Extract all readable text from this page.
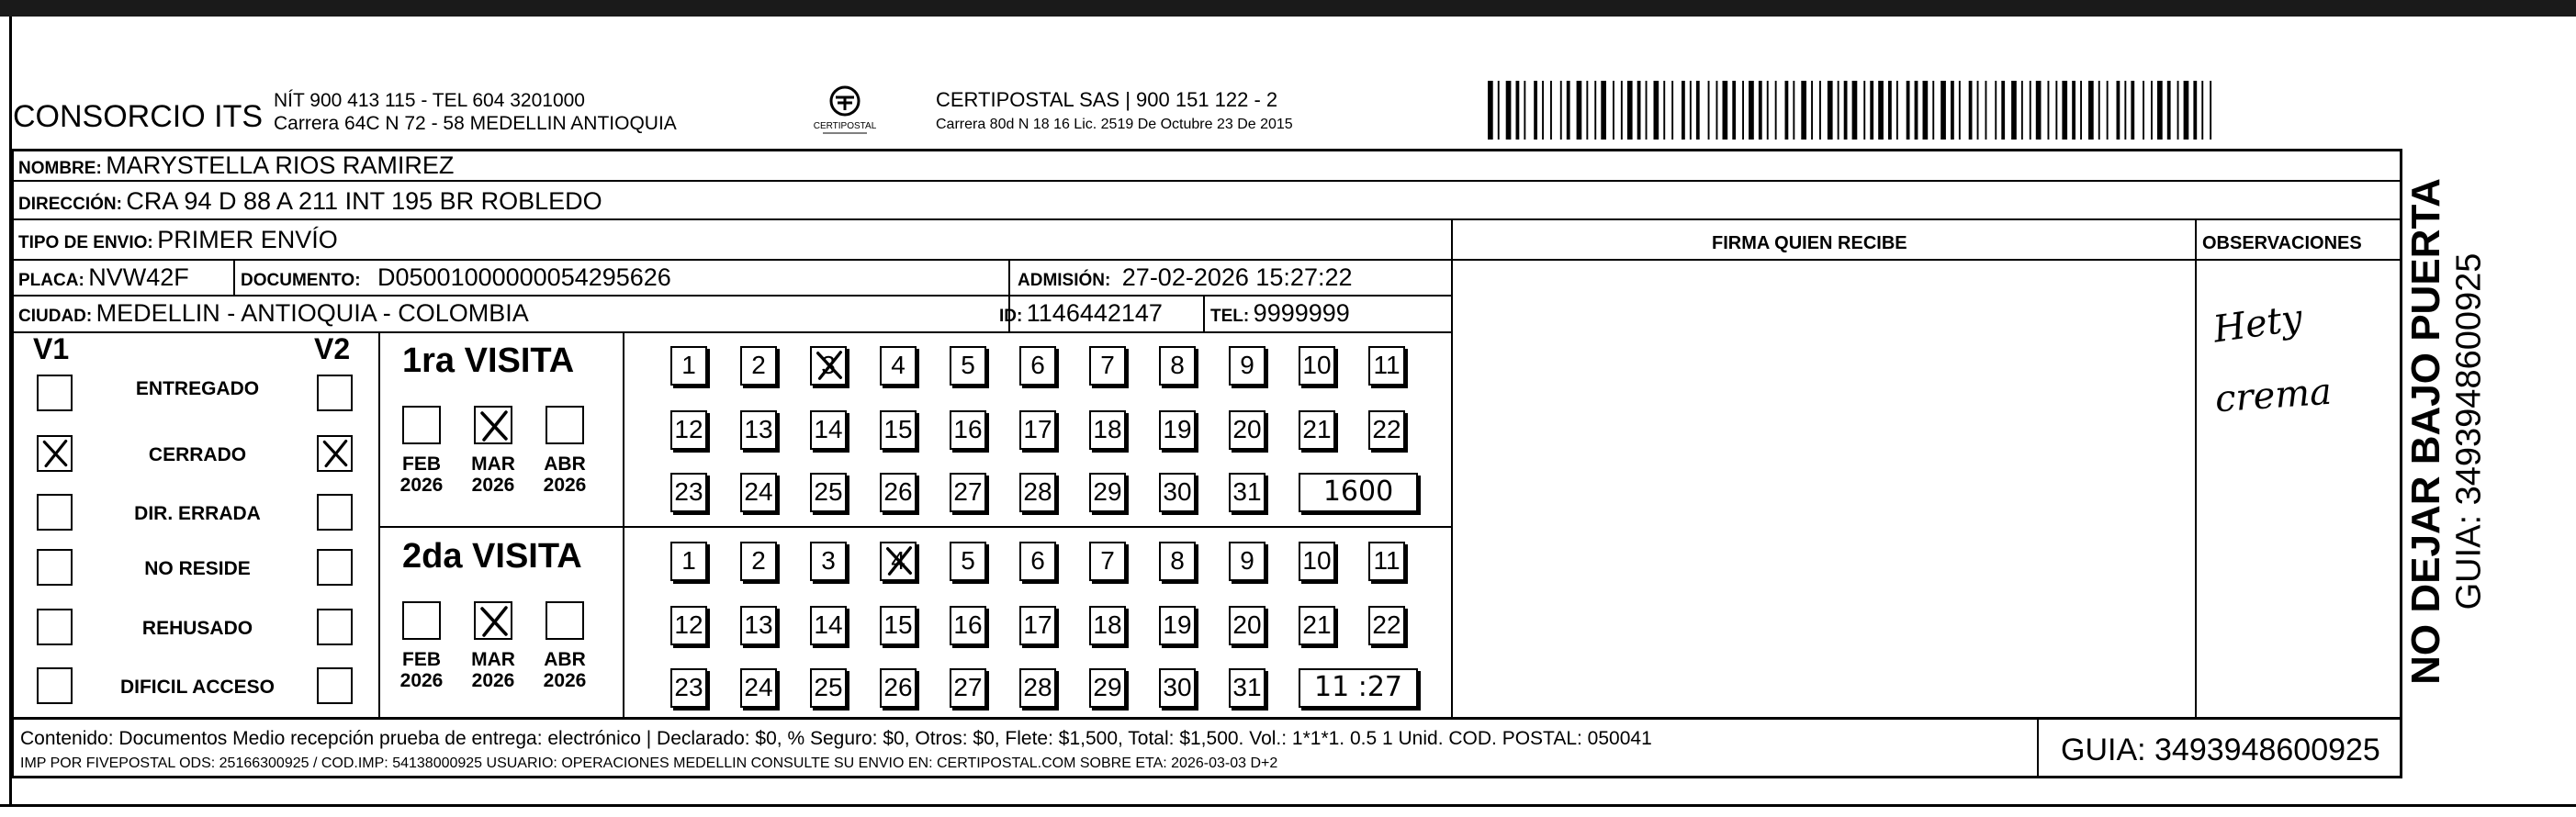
CONSORCIO ITS NÍT 900 413 115 - TEL 604 3201000
Carrera 64C N 72 - 58 MEDELLIN ANTIOQUIA	CERTIPOSTAL
CERTIPOSTAL SAS | 900 151 122 - 2
Carrera 80d N 18 16 Lic. 2519 De Octubre 23 De 2015
NOMBRE: MARYSTELLA RIOS RAMIREZ
DIRECCIÓN: CRA 94 D 88 A 211 INT 195 BR ROBLEDO
TIPO DE ENVIO: PRIMER ENVÍO	FIRMA QUIEN RECIBE	OBSERVACIONES
PLACA: NVW42F	DOCUMENTO: D05001000000054295626	ADMISIÓN: 27-02-2026 15:27:22
CIUDAD: MEDELLIN - ANTIOQUIA - COLOMBIA	ID: 1146442147	TEL: 9999999
V1	V2
ENTREGADO
CERRADO
DIR. ERRADA
NO RESIDE
REHUSADO
DIFICIL ACCESO
1ra VISITA
FEB
2026
MAR
2026
ABR
2026
1	2	3	4	5	6	7	8	9	10 11
12 13 14 15 16 17 18 19 20 21 22
23 24 25 26 27 28 29 30 31	1600
2da VISITA
FEB
2026
MAR
2026
ABR
2026
1	2	3	4	5	6	7	8	9	10 11
12 13 14 15 16 17 18 19 20 21 22
23 24 25 26 27 28 29 30 31	11 :27
Hety
crema
Contenido: Documentos Medio recepción prueba de entrega: electrónico | Declarado: $0, % Seguro: $0, Otros: $0, Flete: $1,500, Total: $1,500. Vol.: 1*1*1. 0.5 1 Unid. COD. POSTAL: 050041
IMP POR FIVEPOSTAL ODS: 25166300925 / COD.IMP: 54138000925 USUARIO: OPERACIONES MEDELLIN CONSULTE SU ENVIO EN: CERTIPOSTAL.COM SOBRE ETA: 2026-03-03 D+2	GUIA: 3493948600925
NO DEJAR BAJO PUERTA GUIA: 3493948600925
